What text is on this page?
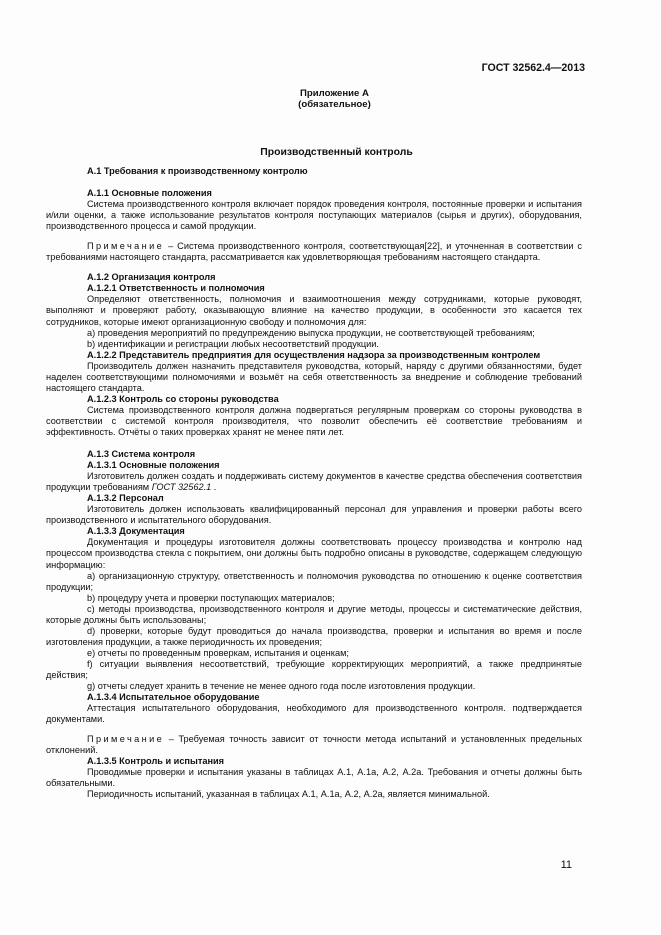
ГОСТ 32562.4—2013
Приложение А
(обязательное)
Производственный контроль

А.1 Требования к производственному контролю

А.1.1 Основные положения

Система производственного контроля включает порядок проведения контроля, постоянные проверки и испытания и/или оценки, а также использование результатов контроля поступающих материалов (сырья и других), оборудования, производственного процесса и самой продукции.

Примечание – Система производственного контроля, соответствующая[22], и уточненная в соответствии с требованиями настоящего стандарта, рассматривается как удовлетворяющая требованиям настоящего стандарта.

А.1.2 Организация контроля

А.1.2.1 Ответственность и полномочия

Определяют ответственность, полномочия и взаимоотношения между сотрудниками, которые руководят, выполняют и проверяют работу, оказывающую влияние на качество продукции, в особенности это касается тех сотрудников, которые имеют организационную свободу и полномочия для:

а) проведения мероприятий по предупреждению выпуска продукции, не соответствующей требованиям;

b) идентификации и регистрации любых несоответствий продукции.

А.1.2.2 Представитель предприятия для осуществления надзора за производственным контролем

Производитель должен назначить представителя руководства, который, наряду с другими обязанностями, будет наделен соответствующими полномочиями и возьмёт на себя ответственность за внедрение и соблюдение требований настоящего стандарта.

А.1.2.3 Контроль со стороны руководства

Система производственного контроля должна подвергаться регулярным проверкам со стороны руководства в соответствии с системой контроля производителя, что позволит обеспечить её соответствие требованиям и эффективность. Отчёты о таких проверках хранят не менее пяти лет.

А.1.3 Система контроля

А.1.3.1 Основные положения

Изготовитель должен создать и поддерживать систему документов в качестве средства обеспечения соответствия продукции требованиям ГОСТ 32562.1 .

А.1.3.2 Персонал

Изготовитель должен использовать квалифицированный персонал для управления и проверки работы всего производственного и испытательного оборудования.

А.1.3.3 Документация

Документация и процедуры изготовителя должны соответствовать процессу производства и контролю над процессом производства стекла с покрытием, они должны быть подробно описаны в руководстве, содержащем следующую информацию:

а) организационную структуру, ответственность и полномочия руководства по отношению к оценке соответствия продукции;

b) процедуру учета и проверки поступающих материалов;

c) методы производства, производственного контроля и другие методы, процессы и систематические действия, которые должны быть использованы;

d) проверки, которые будут проводиться до начала производства, проверки и испытания во время и после изготовления продукции, а также периодичность их проведения;

e) отчеты по проведенным проверкам, испытания и оценкам;

f) ситуации выявления несоответствий, требующие корректирующих мероприятий, а также предпринятые действия;

g) отчеты следует хранить в течение не менее одного года после изготовления продукции.

А.1.3.4 Испытательное оборудование

Аттестация испытательного оборудования, необходимого для производственного контроля. подтверждается документами.

Примечание – Требуемая точность зависит от точности метода испытаний и установленных предельных отклонений.

А.1.3.5 Контроль и испытания

Проводимые проверки и испытания указаны в таблицах А.1, А.1а, А.2, А.2а. Требования и отчеты должны быть обязательными.

Периодичность испытаний, указанная в таблицах А.1, А.1а, А.2, А.2а, является минимальной.

11
